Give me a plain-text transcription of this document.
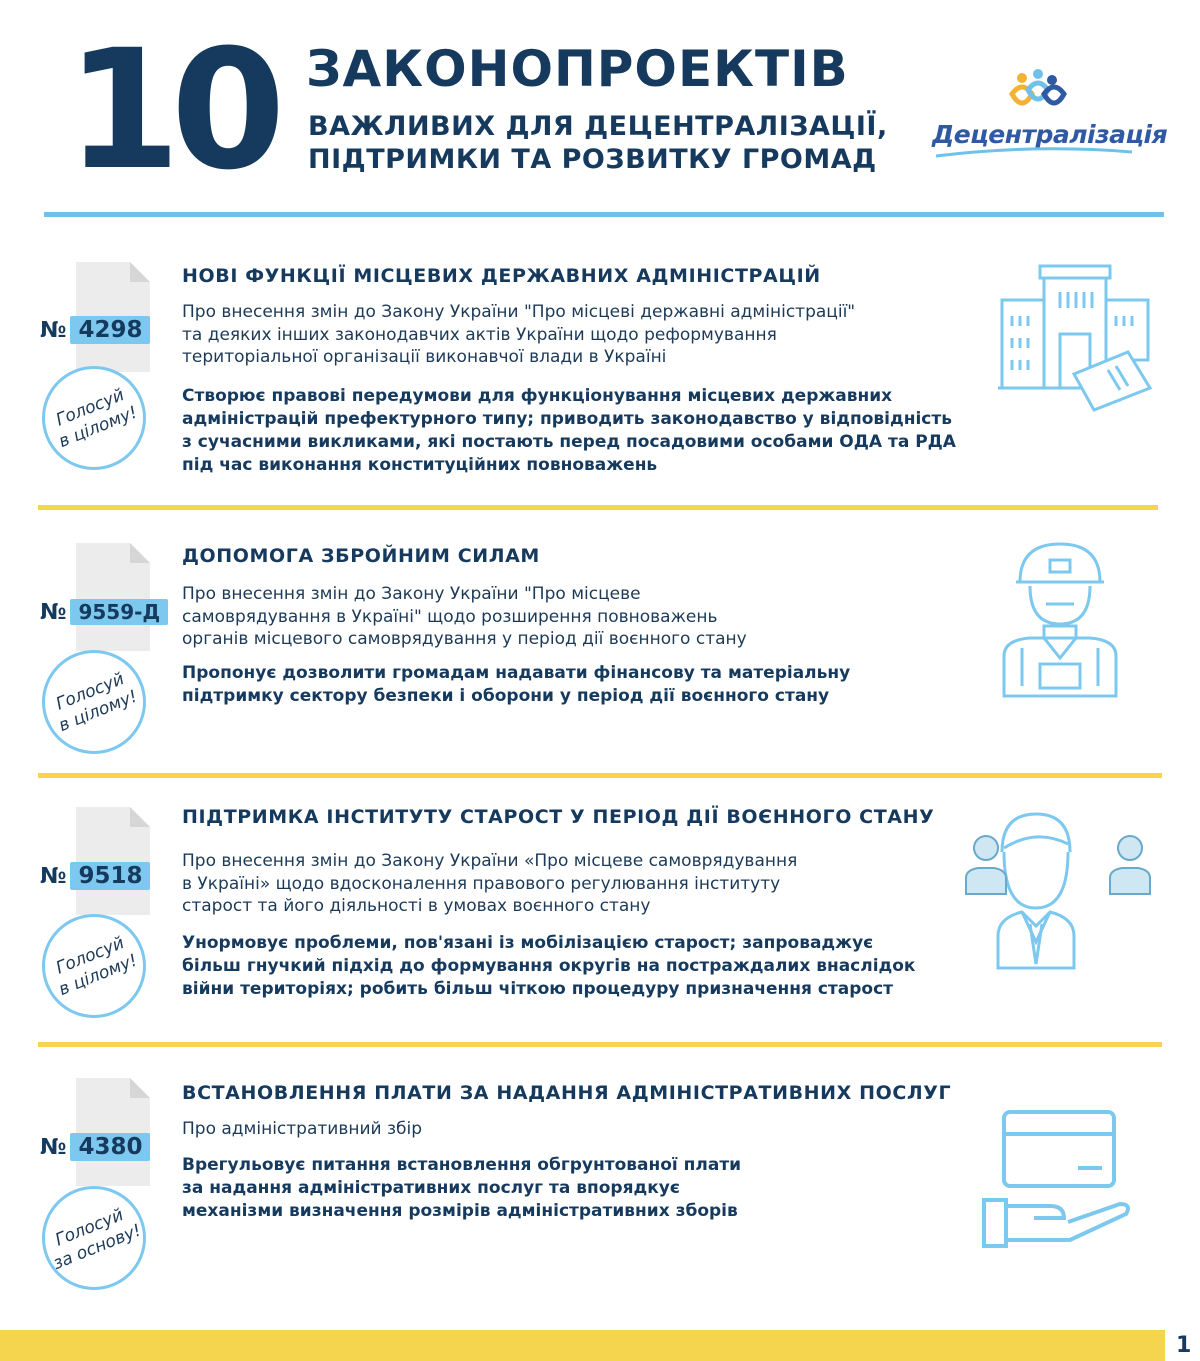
10 ЗАКОНОПРОЕКТІВ
ВАЖЛИВИХ ДЛЯ ДЕЦЕНТРАЛІЗАЦІЇ,
ПІДТРИМКИ ТА РОЗВИТКУ ГРОМАД
Децентралізація
№ 4298
Голосуй
в цілому!
НОВІ ФУНКЦІЇ МІСЦЕВИХ ДЕРЖАВНИХ АДМІНІСТРАЦІЙ
Про внесення змін до Закону України "Про місцеві державні адміністрації"
та деяких інших законодавчих актів України щодо реформування
територіальної організації виконавчої влади в Україні
Створює правові передумови для функціонування місцевих державних
адміністрацій префектурного типу; приводить законодавство у відповідність
з сучасними викликами, які постають перед посадовими особами ОДА та РДА
під час виконання конституційних повноважень
№ 9559-Д
Голосуй
в цілому!
ДОПОМОГА ЗБРОЙНИМ СИЛАМ
Про внесення змін до Закону України "Про місцеве
самоврядування в Україні" щодо розширення повноважень
органів місцевого самоврядування у період дії воєнного стану
Пропонує дозволити громадам надавати фінансову та матеріальну
підтримку сектору безпеки і оборони у період дії воєнного стану
№ 9518
Голосуй
в цілому!
ПІДТРИМКА ІНСТИТУТУ СТАРОСТ У ПЕРІОД ДІЇ ВОЄННОГО СТАНУ
Про внесення змін до Закону України «Про місцеве самоврядування
в Україні» щодо вдосконалення правового регулювання інституту
старост та його діяльності в умовах воєнного стану
Унормовує проблеми, пов'язані із мобілізацією старост; запроваджує
більш гнучкий підхід до формування округів на постраждалих внаслідок
війни територіях; робить більш чіткою процедуру призначення старост
№ 4380
Голосуй
за основу!
ВСТАНОВЛЕННЯ ПЛАТИ ЗА НАДАННЯ АДМІНІСТРАТИВНИХ ПОСЛУГ
Про адміністративний збір
Врегульовує питання встановлення обгрунтованої плати
за надання адміністративних послуг та впорядкує
механізми визначення розмірів адміністративних зборів
1
